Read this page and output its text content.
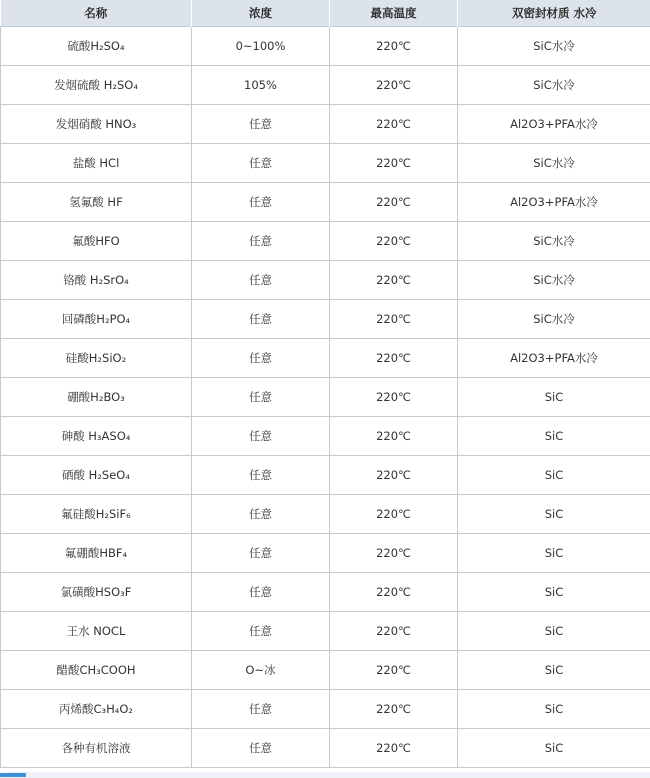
名称	浓度	最高温度	双密封材质 水冷
硫酸H₂SO₄	0~100%	220℃	SiC水冷
发烟硫酸 H₂SO₄	105%	220℃	SiC水冷
发烟硝酸 HNO₃	任意	220℃	Al2O3+PFA水冷
盐酸 HCl	任意	220℃	SiC水冷
氢氟酸 HF	任意	220℃	Al2O3+PFA水冷
氟酸HFO	任意	220℃	SiC水冷
铬酸 H₂SrO₄	任意	220℃	SiC水冷
回磷酸H₂PO₄	任意	220℃	SiC水冷
硅酸H₂SiO₂	任意	220℃	Al2O3+PFA水冷
硼酸H₂BO₃	任意	220℃	SiC
砷酸 H₃ASO₄	任意	220℃	SiC
硒酸 H₂SeO₄	任意	220℃	SiC
氟硅酸H₂SiF₆	任意	220℃	SiC
氟硼酸HBF₄	任意	220℃	SiC
氯磺酸HSO₃F	任意	220℃	SiC
王水 NOCL	任意	220℃	SiC
醋酸CH₃COOH	O~冰	220℃	SiC
丙烯酸C₃H₄O₂	任意	220℃	SiC
各种有机溶液	任意	220℃	SiC
